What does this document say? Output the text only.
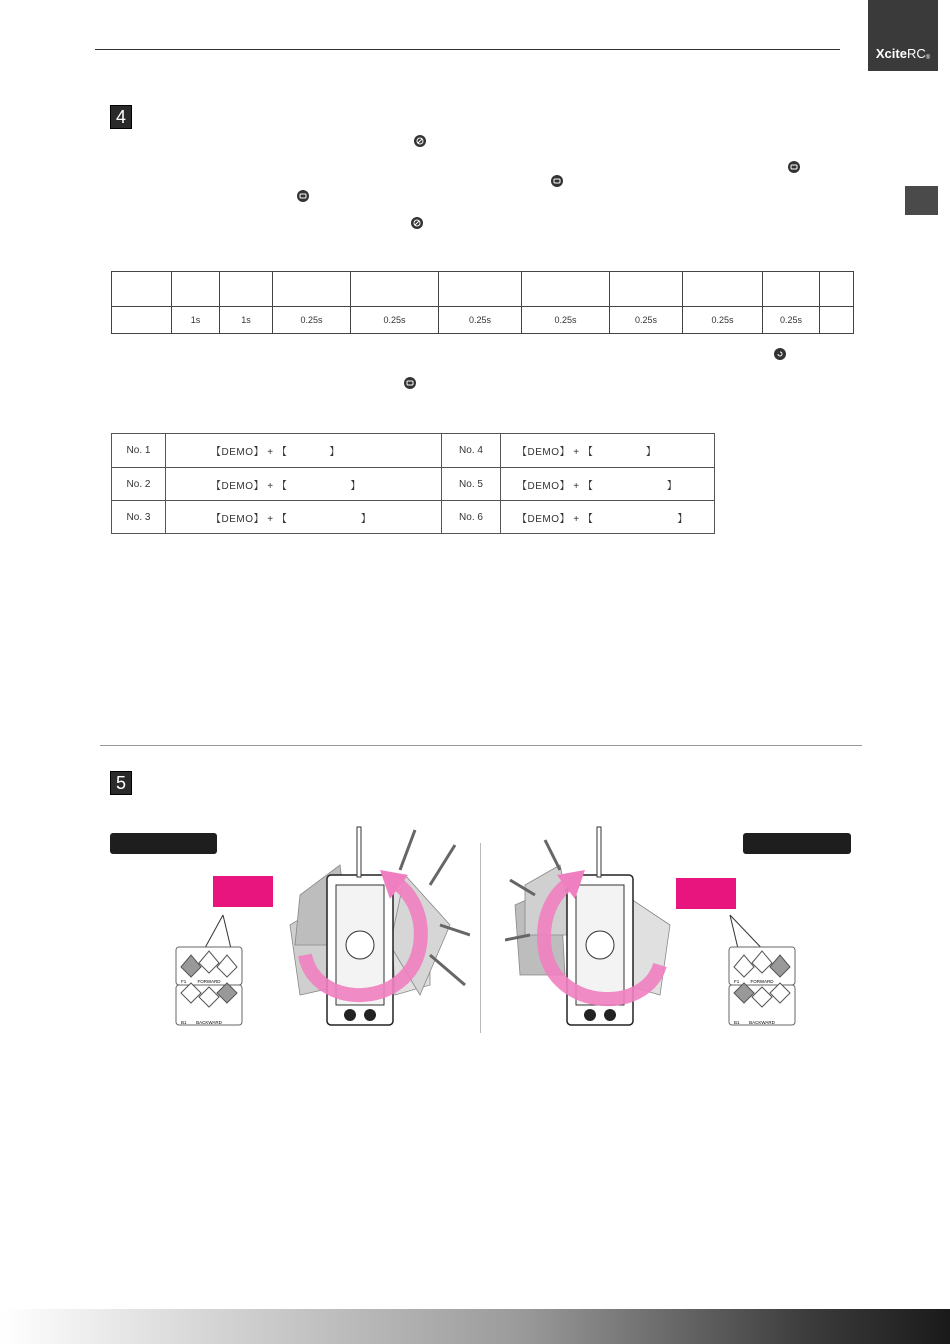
Xcite $RC_®$
4

	1s	1s	0.25s	0.25s	0.25s	0.25s	0.25s	0.25s	0.25s	
No. 1	【DEMO】 + 【　　　　】	No. 4	【DEMO】 + 【　　　　　】
No. 2	【DEMO】 + 【　　　　　　】	No. 5	【DEMO】 + 【　　　　　　　】
No. 3	【DEMO】 + 【　　　　　　　】	No. 6	【DEMO】 + 【　　　　　　　　】
5
FORWARD
BACKWARD
F1
B1
FORWARD
BACKWARD
F1
B1
